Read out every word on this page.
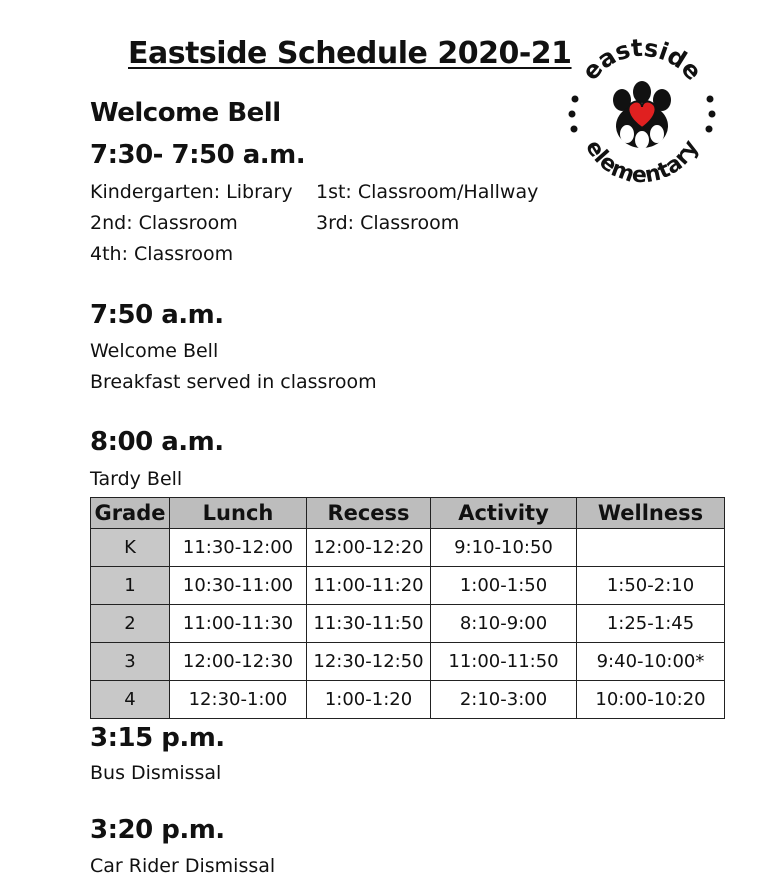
Eastside Schedule 2020-21 eastside
elementary
Welcome Bell
7:30- 7:50 a.m.
Kindergarten: Library 1st: Classroom/Hallway
2nd: Classroom	3rd: Classroom
4th: Classroom
7:50 a.m.
Welcome Bell
Breakfast served in classroom
8:00 a.m.
Tardy Bell
Grade	Lunch	Recess	Activity	Wellness
K	11:30-12:00	12:00-12:20	9:10-10:50	
1	10:30-11:00	11:00-11:20	1:00-1:50	1:50-2:10
2	11:00-11:30	11:30-11:50	8:10-9:00	1:25-1:45
3	12:00-12:30	12:30-12:50	11:00-11:50	9:40-10:00*
4	12:30-1:00	1:00-1:20	2:10-3:00	10:00-10:20
3:15 p.m.
Bus Dismissal
3:20 p.m.
Car Rider Dismissal
